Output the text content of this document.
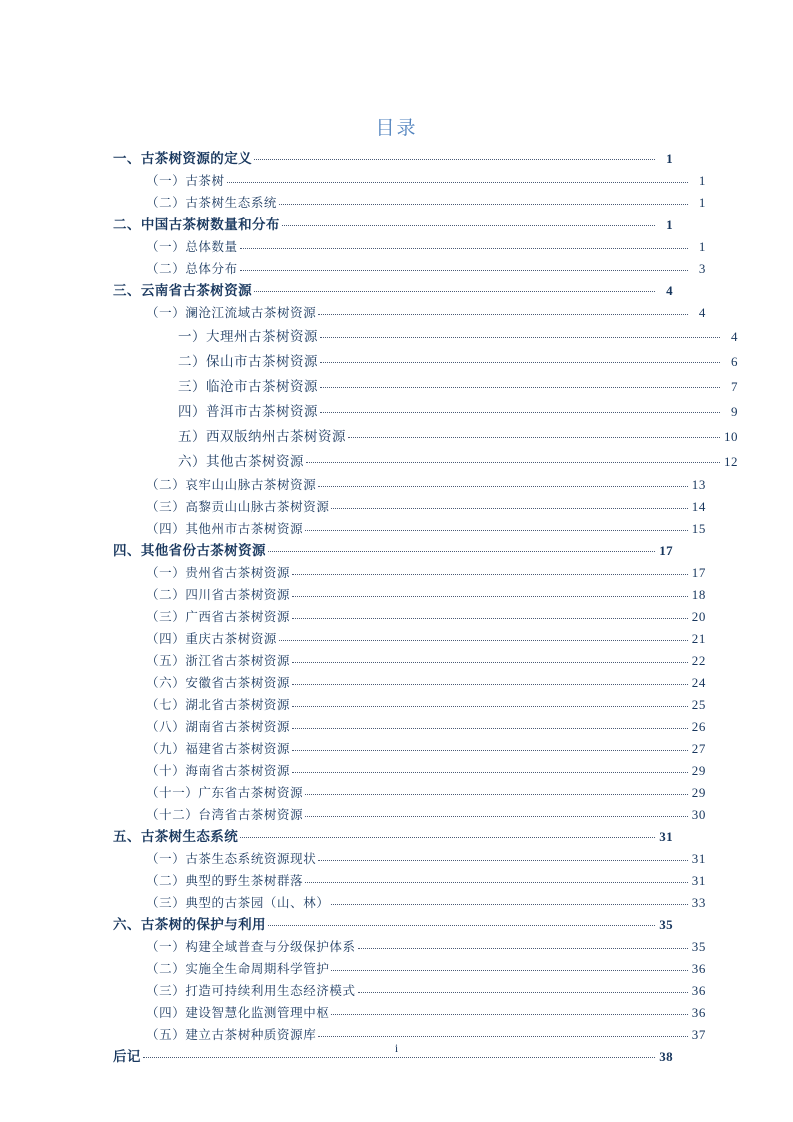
目录
一、古茶树资源的定义	1
（一）古茶树	1
（二）古茶树生态系统	1
二、中国古茶树数量和分布	1
（一）总体数量	1
（二）总体分布	3
三、云南省古茶树资源	4
（一）澜沧江流域古茶树资源	4
一）大理州古茶树资源	4
二）保山市古茶树资源	6
三）临沧市古茶树资源	7
四）普洱市古茶树资源	9
五）西双版纳州古茶树资源	10
六）其他古茶树资源	12
（二）哀牢山山脉古茶树资源	13
（三）高黎贡山山脉古茶树资源	14
（四）其他州市古茶树资源	15
四、其他省份古茶树资源	17
（一）贵州省古茶树资源	17
（二）四川省古茶树资源	18
（三）广西省古茶树资源	20
（四）重庆古茶树资源	21
（五）浙江省古茶树资源	22
（六）安徽省古茶树资源	24
（七）湖北省古茶树资源	25
（八）湖南省古茶树资源	26
（九）福建省古茶树资源	27
（十）海南省古茶树资源	29
（十一）广东省古茶树资源	29
（十二）台湾省古茶树资源	30
五、古茶树生态系统	31
（一）古茶生态系统资源现状	31
（二）典型的野生茶树群落	31
（三）典型的古茶园（山、林）	33
六、古茶树的保护与利用	35
（一）构建全域普查与分级保护体系	35
（二）实施全生命周期科学管护	36
（三）打造可持续利用生态经济模式	36
（四）建设智慧化监测管理中枢	36
（五）建立古茶树种质资源库	37
后记	38
i
